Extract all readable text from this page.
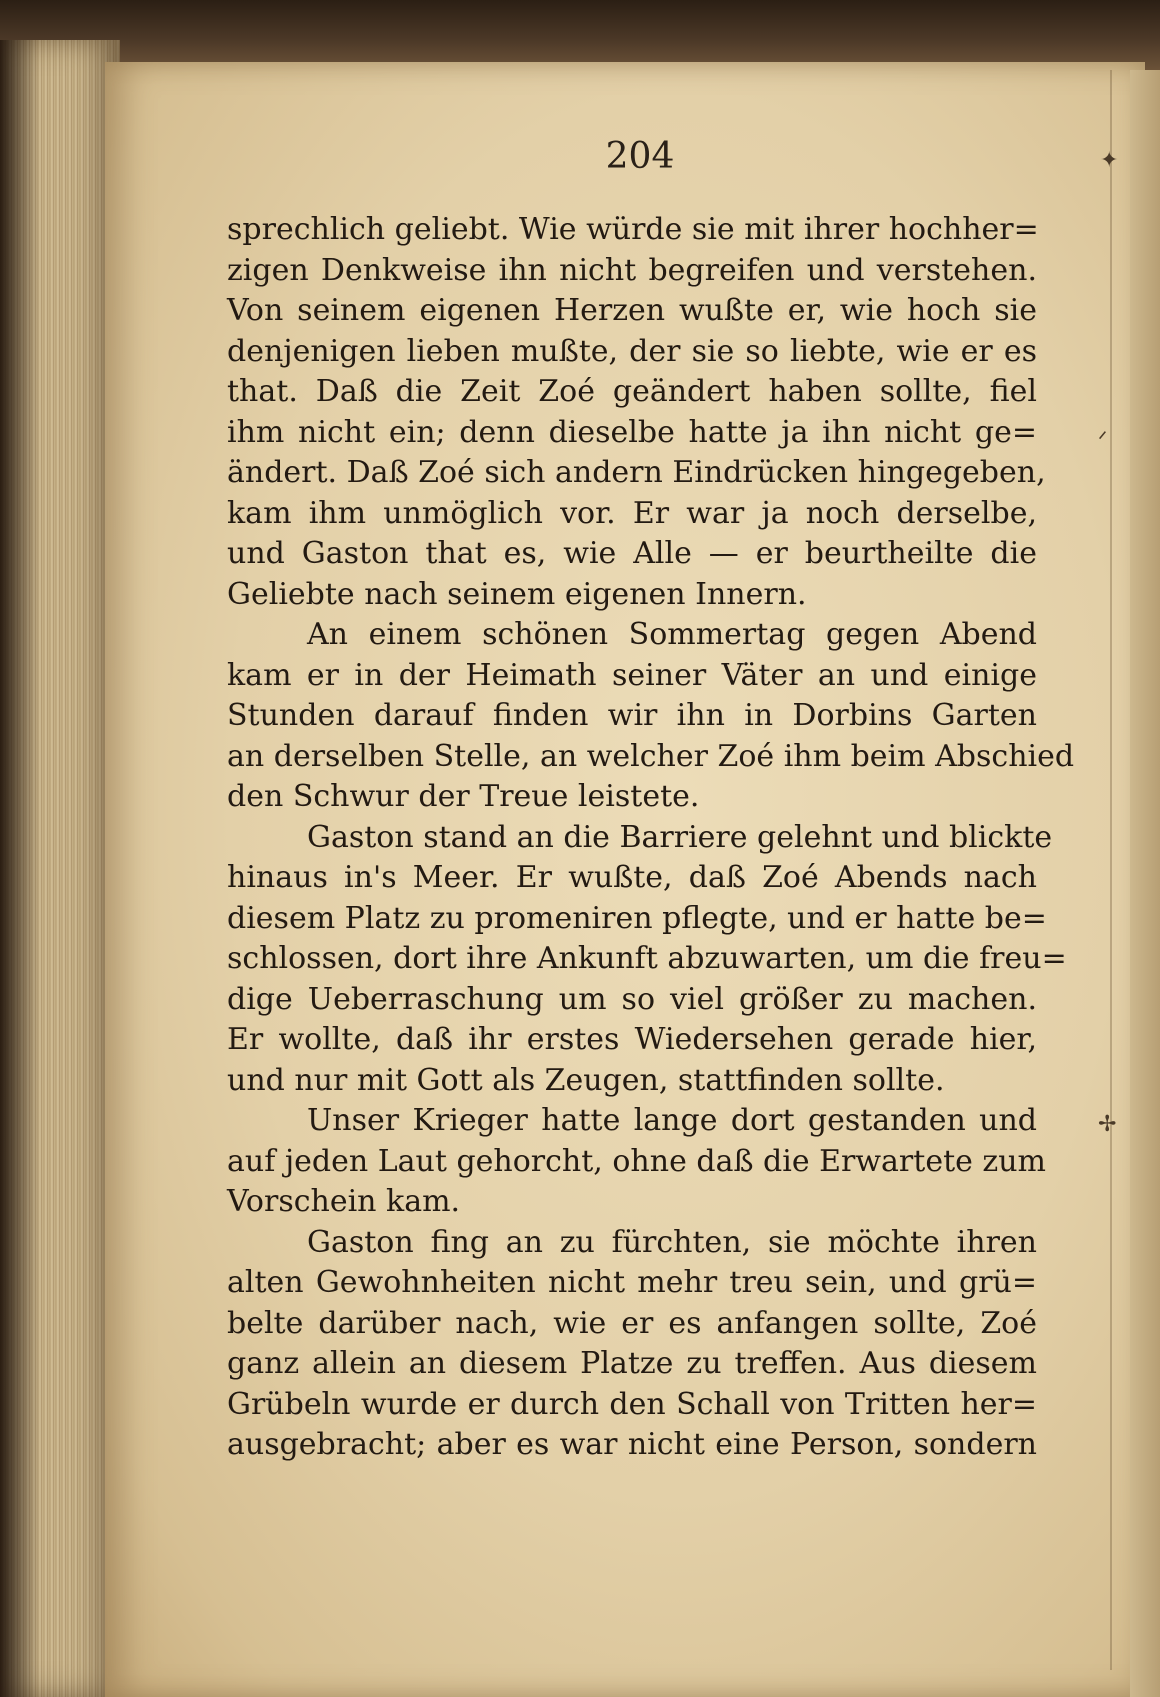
✦
ᐟ
✢
204
sprechlich geliebt. Wie würde sie mit ihrer hochher=
zigen Denkweise ihn nicht begreifen und verstehen.
Von seinem eigenen Herzen wußte er, wie hoch sie
denjenigen lieben mußte, der sie so liebte, wie er es
that. Daß die Zeit Zoé geändert haben sollte, fiel
ihm nicht ein; denn dieselbe hatte ja ihn nicht ge=
ändert. Daß Zoé sich andern Eindrücken hingegeben,
kam ihm unmöglich vor. Er war ja noch derselbe,
und Gaston that es, wie Alle — er beurtheilte die
Geliebte nach seinem eigenen Innern.
An einem schönen Sommertag gegen Abend
kam er in der Heimath seiner Väter an und einige
Stunden darauf finden wir ihn in Dorbins Garten
an derselben Stelle, an welcher Zoé ihm beim Abschied
den Schwur der Treue leistete.
Gaston stand an die Barriere gelehnt und blickte
hinaus in's Meer. Er wußte, daß Zoé Abends nach
diesem Platz zu promeniren pflegte, und er hatte be=
schlossen, dort ihre Ankunft abzuwarten, um die freu=
dige Ueberraschung um so viel größer zu machen.
Er wollte, daß ihr erstes Wiedersehen gerade hier,
und nur mit Gott als Zeugen, stattfinden sollte.
Unser Krieger hatte lange dort gestanden und
auf jeden Laut gehorcht, ohne daß die Erwartete zum
Vorschein kam.
Gaston fing an zu fürchten, sie möchte ihren
alten Gewohnheiten nicht mehr treu sein, und grü=
belte darüber nach, wie er es anfangen sollte, Zoé
ganz allein an diesem Platze zu treffen. Aus diesem
Grübeln wurde er durch den Schall von Tritten her=
ausgebracht; aber es war nicht eine Person, sondern
